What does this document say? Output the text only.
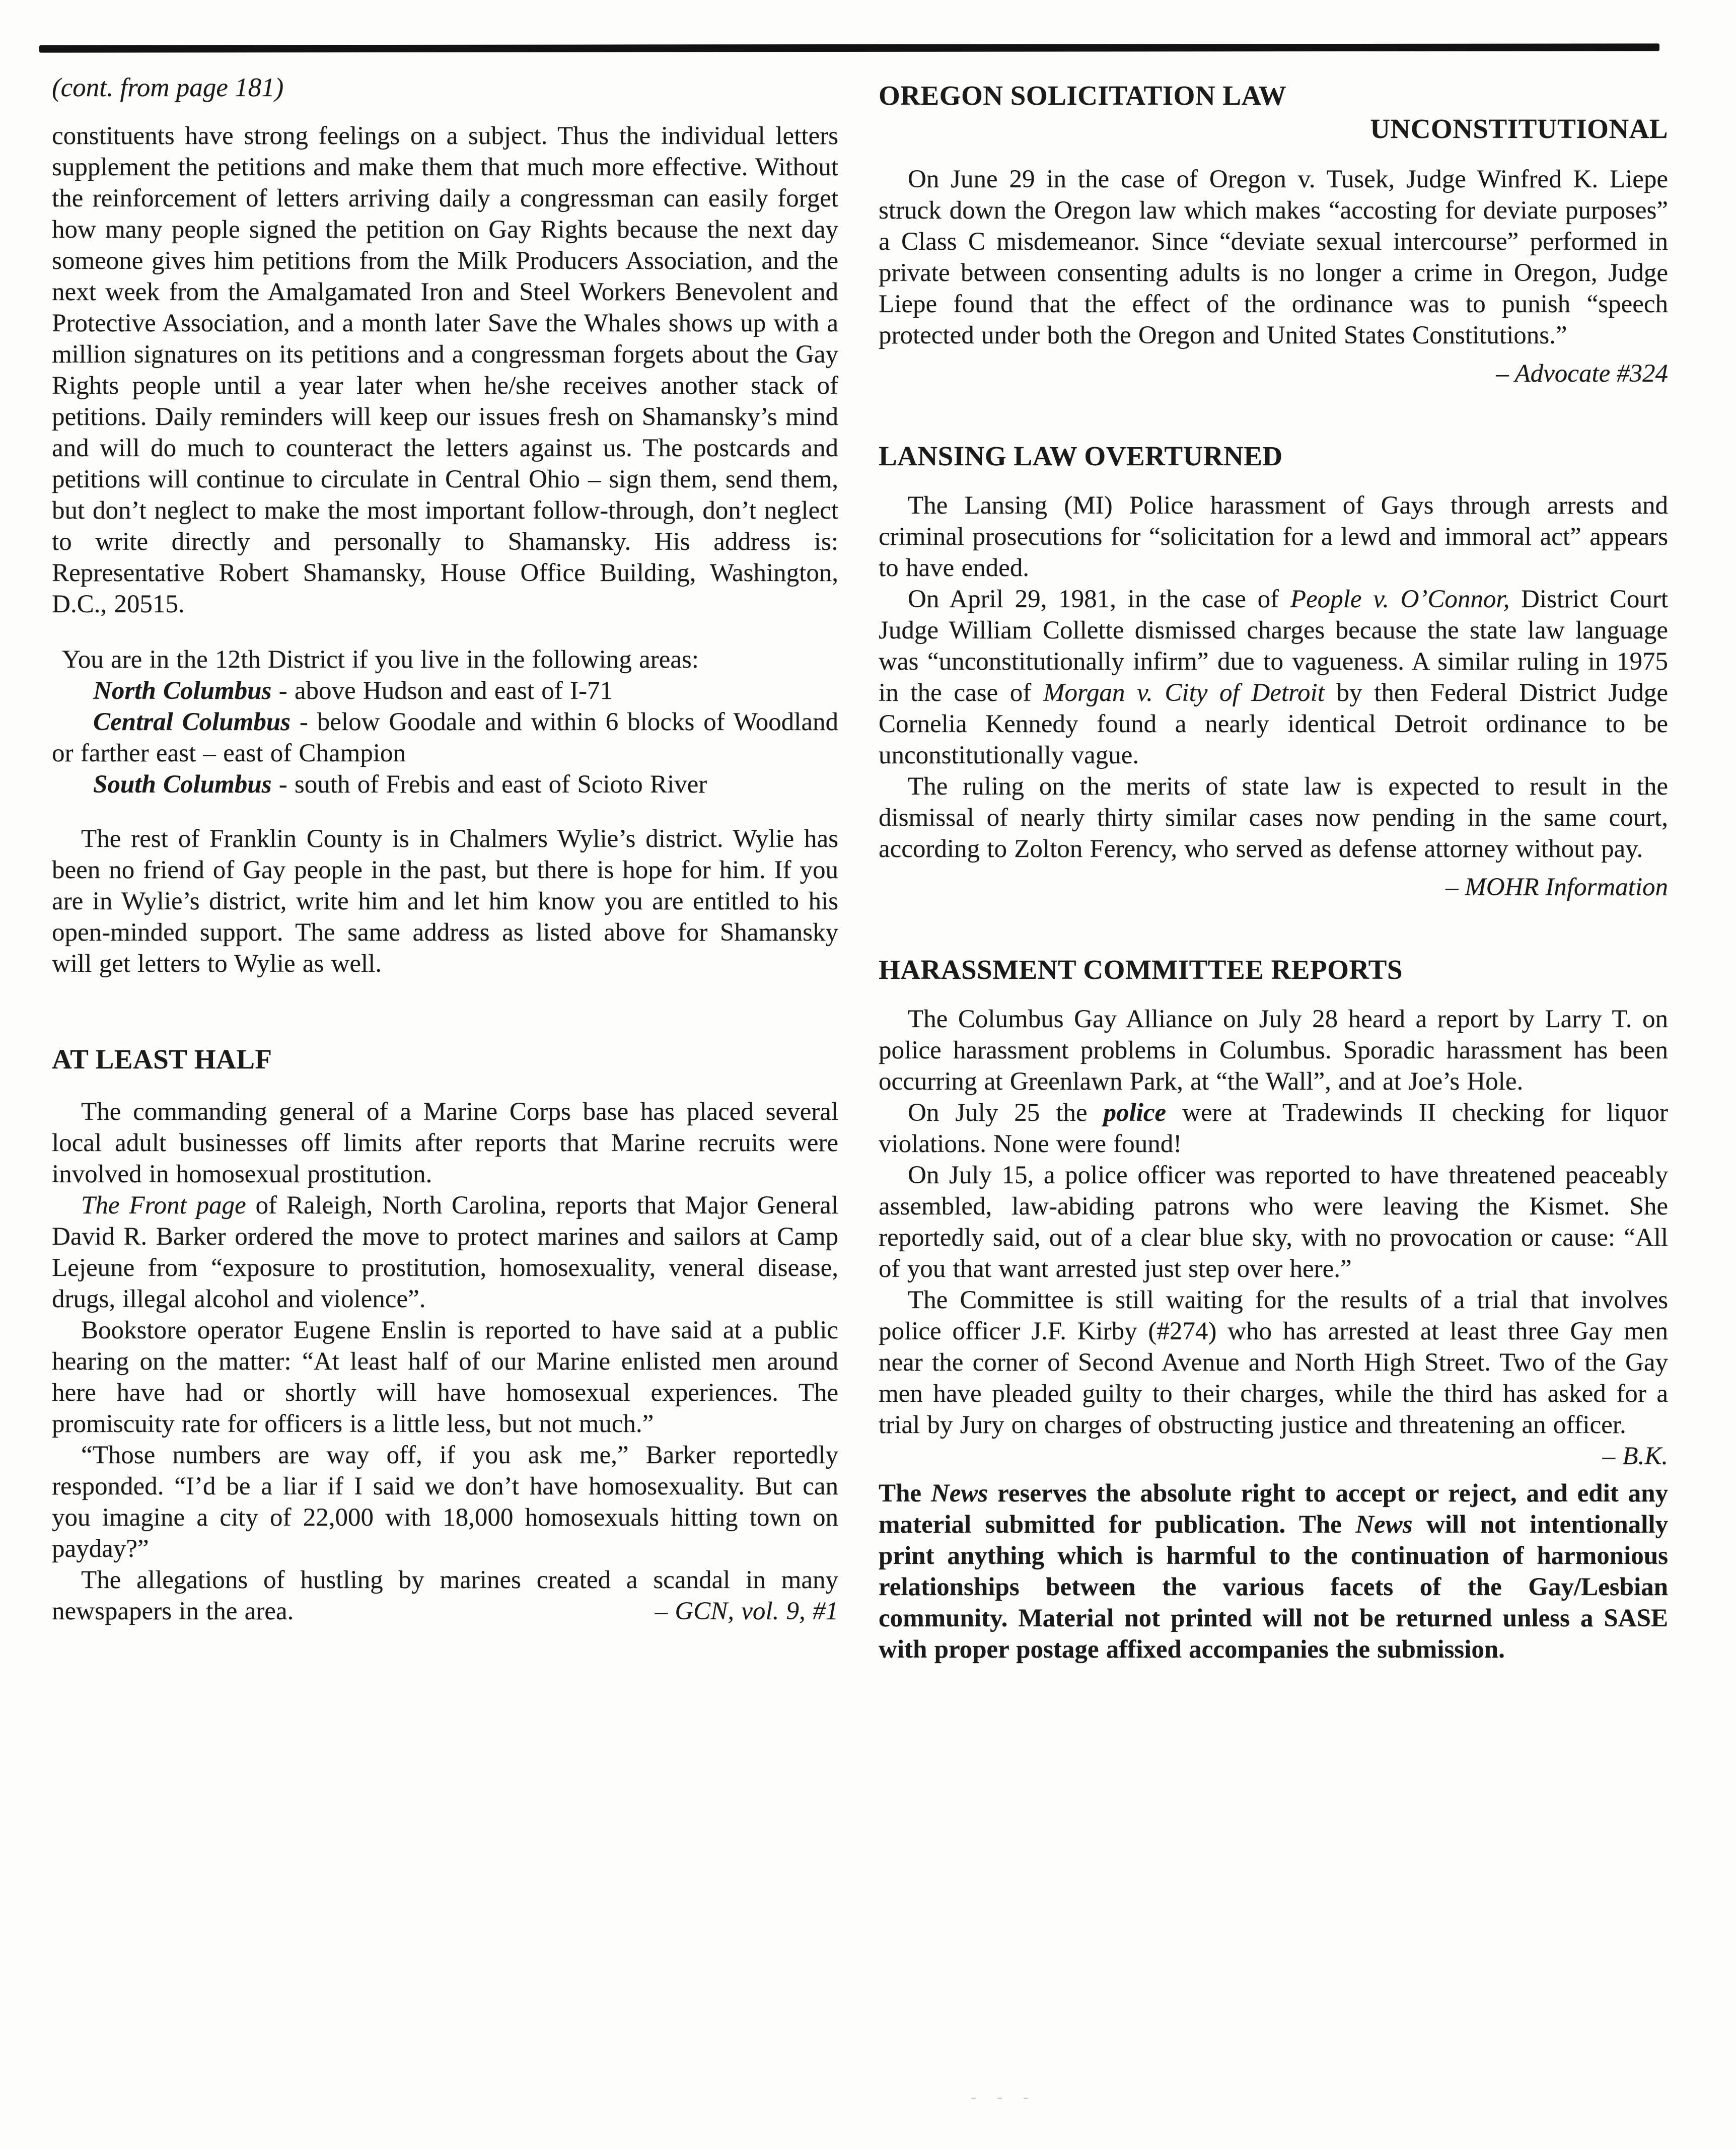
(cont. from page 181)

constituents have strong feelings on a subject. Thus the individual letters supplement the petitions and make them that much more effective. Without the reinforcement of letters arriving daily a congressman can easily forget how many people signed the petition on Gay Rights because the next day someone gives him petitions from the Milk Producers Association, and the next week from the Amalgamated Iron and Steel Workers Benevolent and Protective Association, and a month later Save the Whales shows up with a million signatures on its petitions and a congressman forgets about the Gay Rights people until a year later when he/she receives another stack of petitions. Daily reminders will keep our issues fresh on Shamansky’s mind and will do much to counteract the letters against us. The postcards and petitions will continue to circulate in Central Ohio – sign them, send them, but don’t neglect to make the most important follow-through, don’t neglect to write directly and personally to Shamansky. His address is: Representative Robert Shamansky, House Office Building, Washington, D.C., 20515.

You are in the 12th District if you live in the following areas:

North Columbus - above Hudson and east of I-71

Central Columbus - below Goodale and within 6 blocks of Woodland or farther east – east of Champion

South Columbus - south of Frebis and east of Scioto River

The rest of Franklin County is in Chalmers Wylie’s district. Wylie has been no friend of Gay people in the past, but there is hope for him. If you are in Wylie’s district, write him and let him know you are entitled to his open-minded support. The same address as listed above for Shamansky will get letters to Wylie as well.

AT LEAST HALF

The commanding general of a Marine Corps base has placed several local adult businesses off limits after reports that Marine recruits were involved in homosexual prostitution.

The Front page of Raleigh, North Carolina, reports that Major General David R. Barker ordered the move to protect marines and sailors at Camp Lejeune from “exposure to prostitution, homosexuality, veneral disease, drugs, illegal alcohol and violence”.

Bookstore operator Eugene Enslin is reported to have said at a public hearing on the matter: “At least half of our Marine enlisted men around here have had or shortly will have homosexual experiences. The promiscuity rate for officers is a little less, but not much.”

“Those numbers are way off, if you ask me,” Barker reportedly responded. “I’d be a liar if I said we don’t have homosexuality. But can you imagine a city of 22,000 with 18,000 homosexuals hitting town on payday?”

The allegations of hustling by marines created a scandal in many newspapers in the area.	– GCN, vol. 9, #1

OREGON SOLICITATION LAW
UNCONSTITUTIONAL

On June 29 in the case of Oregon v. Tusek, Judge Winfred K. Liepe struck down the Oregon law which makes “accosting for deviate purposes” a Class C misdemeanor. Since “deviate sexual intercourse” performed in private between consenting adults is no longer a crime in Oregon, Judge Liepe found that the effect of the ordinance was to punish “speech protected under both the Oregon and United States Constitutions.”

– Advocate #324

LANSING LAW OVERTURNED

The Lansing (MI) Police harassment of Gays through arrests and criminal prosecutions for “solicitation for a lewd and immoral act” appears to have ended.

On April 29, 1981, in the case of People v. O’Connor, District Court Judge William Collette dismissed charges because the state law language was “unconstitutionally infirm” due to vagueness. A similar ruling in 1975 in the case of Morgan v. City of Detroit by then Federal District Judge Cornelia Kennedy found a nearly identical Detroit ordinance to be unconstitutionally vague.

The ruling on the merits of state law is expected to result in the dismissal of nearly thirty similar cases now pending in the same court, according to Zolton Ferency, who served as defense attorney without pay.

– MOHR Information

HARASSMENT COMMITTEE REPORTS

The Columbus Gay Alliance on July 28 heard a report by Larry T. on police harassment problems in Columbus. Sporadic harassment has been occurring at Greenlawn Park, at “the Wall”, and at Joe’s Hole.

On July 25 the police were at Tradewinds II checking for liquor violations. None were found!

On July 15, a police officer was reported to have threatened peaceably assembled, law-abiding patrons who were leaving the Kismet. She reportedly said, out of a clear blue sky, with no provocation or cause: “All of you that want arrested just step over here.”

The Committee is still waiting for the results of a trial that involves police officer J.F. Kirby (#274) who has arrested at least three Gay men near the corner of Second Avenue and North High Street. Two of the Gay men have pleaded guilty to their charges, while the third has asked for a trial by Jury on charges of obstructing justice and threatening an officer.
– B.K.

The News reserves the absolute right to accept or reject, and edit any material submitted for publication. The News will not intentionally print anything which is harmful to the continuation of harmonious relationships between the various facets of the Gay/Lesbian community. Material not printed will not be returned unless a SASE with proper postage affixed accompanies the submission.

- - -
